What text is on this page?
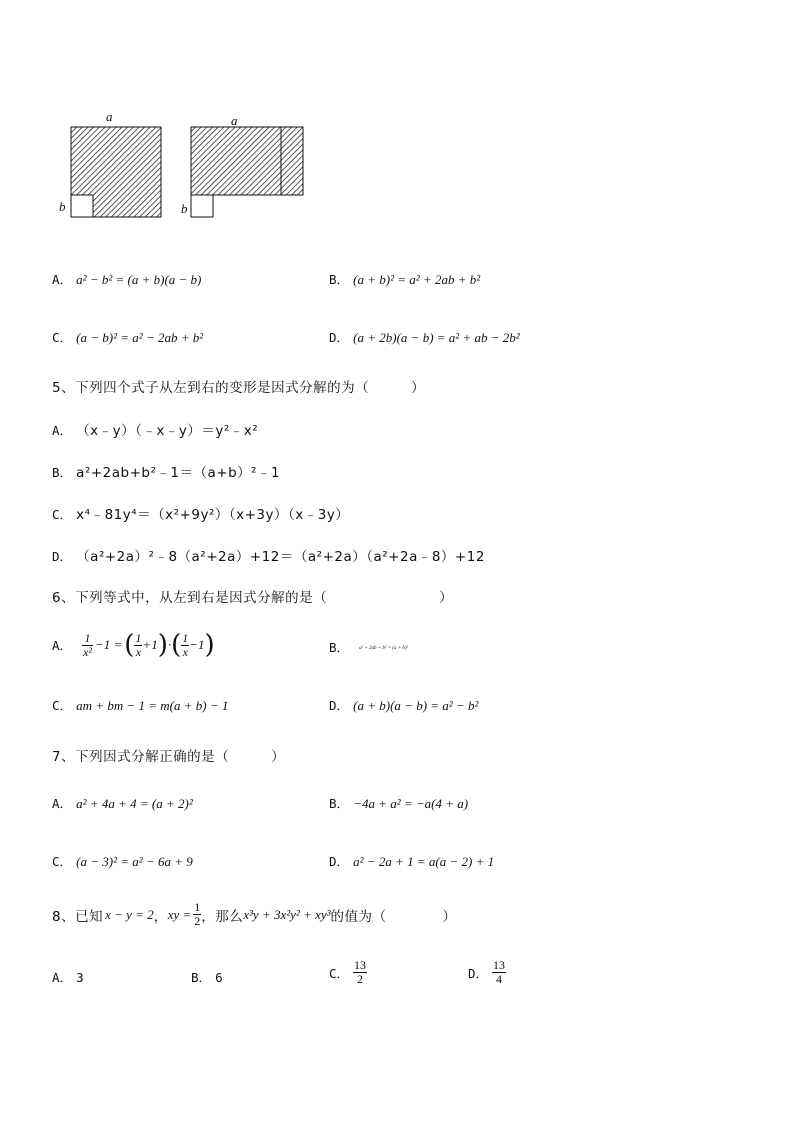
a
b
a
b
A． a² − b² = (a + b)(a − b)	B． (a + b)² = a² + 2ab + b²
C． (a − b)² = a² − 2ab + b²	D． (a + 2b)(a − b) = a² + ab − 2b²
5、下列四个式子从左到右的变形是因式分解的为（　　　）
A． （x﹣y）（﹣x﹣y）＝y²﹣x²
B． a²+2ab+b²﹣1＝（a+b）²﹣1
C． x⁴﹣81y⁴＝（x²+9y²）（x+3y）（x﹣3y）
D． （a²+2a）²﹣8（a²+2a）+12＝（a²+2a）（a²+2a﹣8）+12
6、下列等式中，从左到右是因式分解的是（　　　　　　　　）
A． $\frac{1}{\text{x²}} -1$ = ( $\frac{1}{x} +1$ ) · ( $\frac{1}{x} -1$ )	B． a² + 2ab + b² = (a + b)²
C． am + bm − 1 = m(a + b) − 1	D． (a + b)(a − b) = a² − b²
7、下列因式分解正确的是（　　　）
A． a² + 4a + 4 = (a + 2)²	B． −4a + a² = −a(4 + a)
C． (a − 3)² = a² − 6a + 9	D． a² − 2a + 1 = a(a − 2) + 1
8、已知 x − y = 2 ， xy = $\frac{1}{2}$ ，那么 x³y + 3x²y² + xy³ 的值为（　　　　）
A． 3	B． 6	C． $\frac{13}{2}$	D． $\frac{13}{4}$
